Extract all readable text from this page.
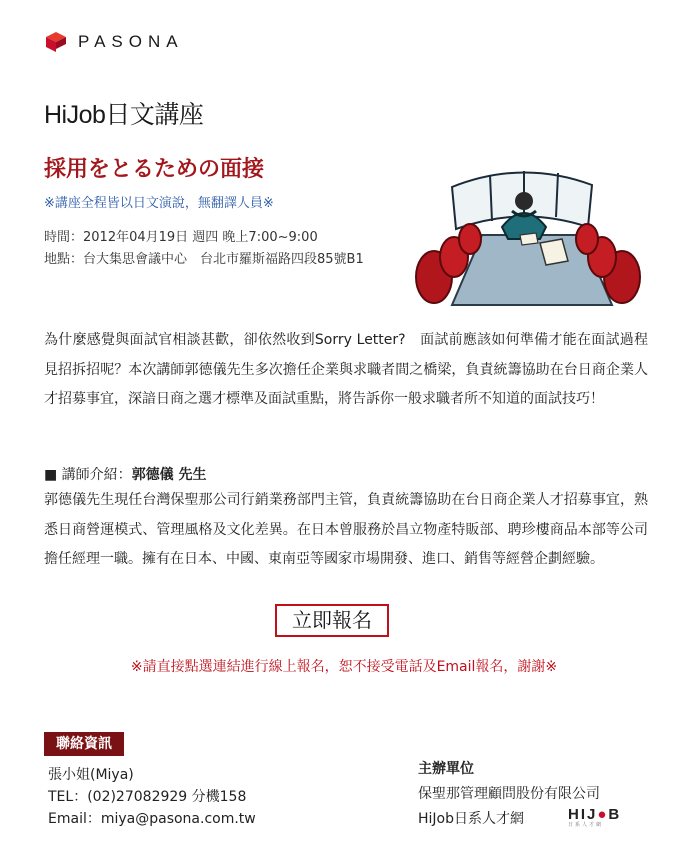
PASONA
HiJob日文講座
採用をとるための面接
※講座全程皆以日文演說，無翻譯人員※
時間：2012年04月19日 週四 晚上7:00~9:00
地點：台大集思會議中心　台北市羅斯福路四段85號B1
為什麼感覺與面試官相談甚歡，卻依然收到Sorry Letter?　面試前應該如何準備才能在面試過程見招拆招呢？本次講師郭德儀先生多次擔任企業與求職者間之橋梁，負責統籌協助在台日商企業人才招募事宜，深諳日商之選才標準及面試重點，將告訴你一般求職者所不知道的面試技巧！
■ 講師介紹：郭德儀 先生
郭德儀先生現任台灣保聖那公司行銷業務部門主管，負責統籌協助在台日商企業人才招募事宜，熟悉日商營運模式、管理風格及文化差異。在日本曾服務於昌立物產特販部、聘珍樓商品本部等公司擔任經理一職。擁有在日本、中國、東南亞等國家市場開發、進口、銷售等經營企劃經驗。
立即報名
※請直接點選連結進行線上報名，恕不接受電話及Email報名，謝謝※
聯絡資訊
張小姐(Miya)
TEL：(02)27082929 分機158
Email：miya@pasona.com.tw
主辦單位
保聖那管理顧問股份有限公司
HiJob日系人才網	HIJ●B
日系人才網
